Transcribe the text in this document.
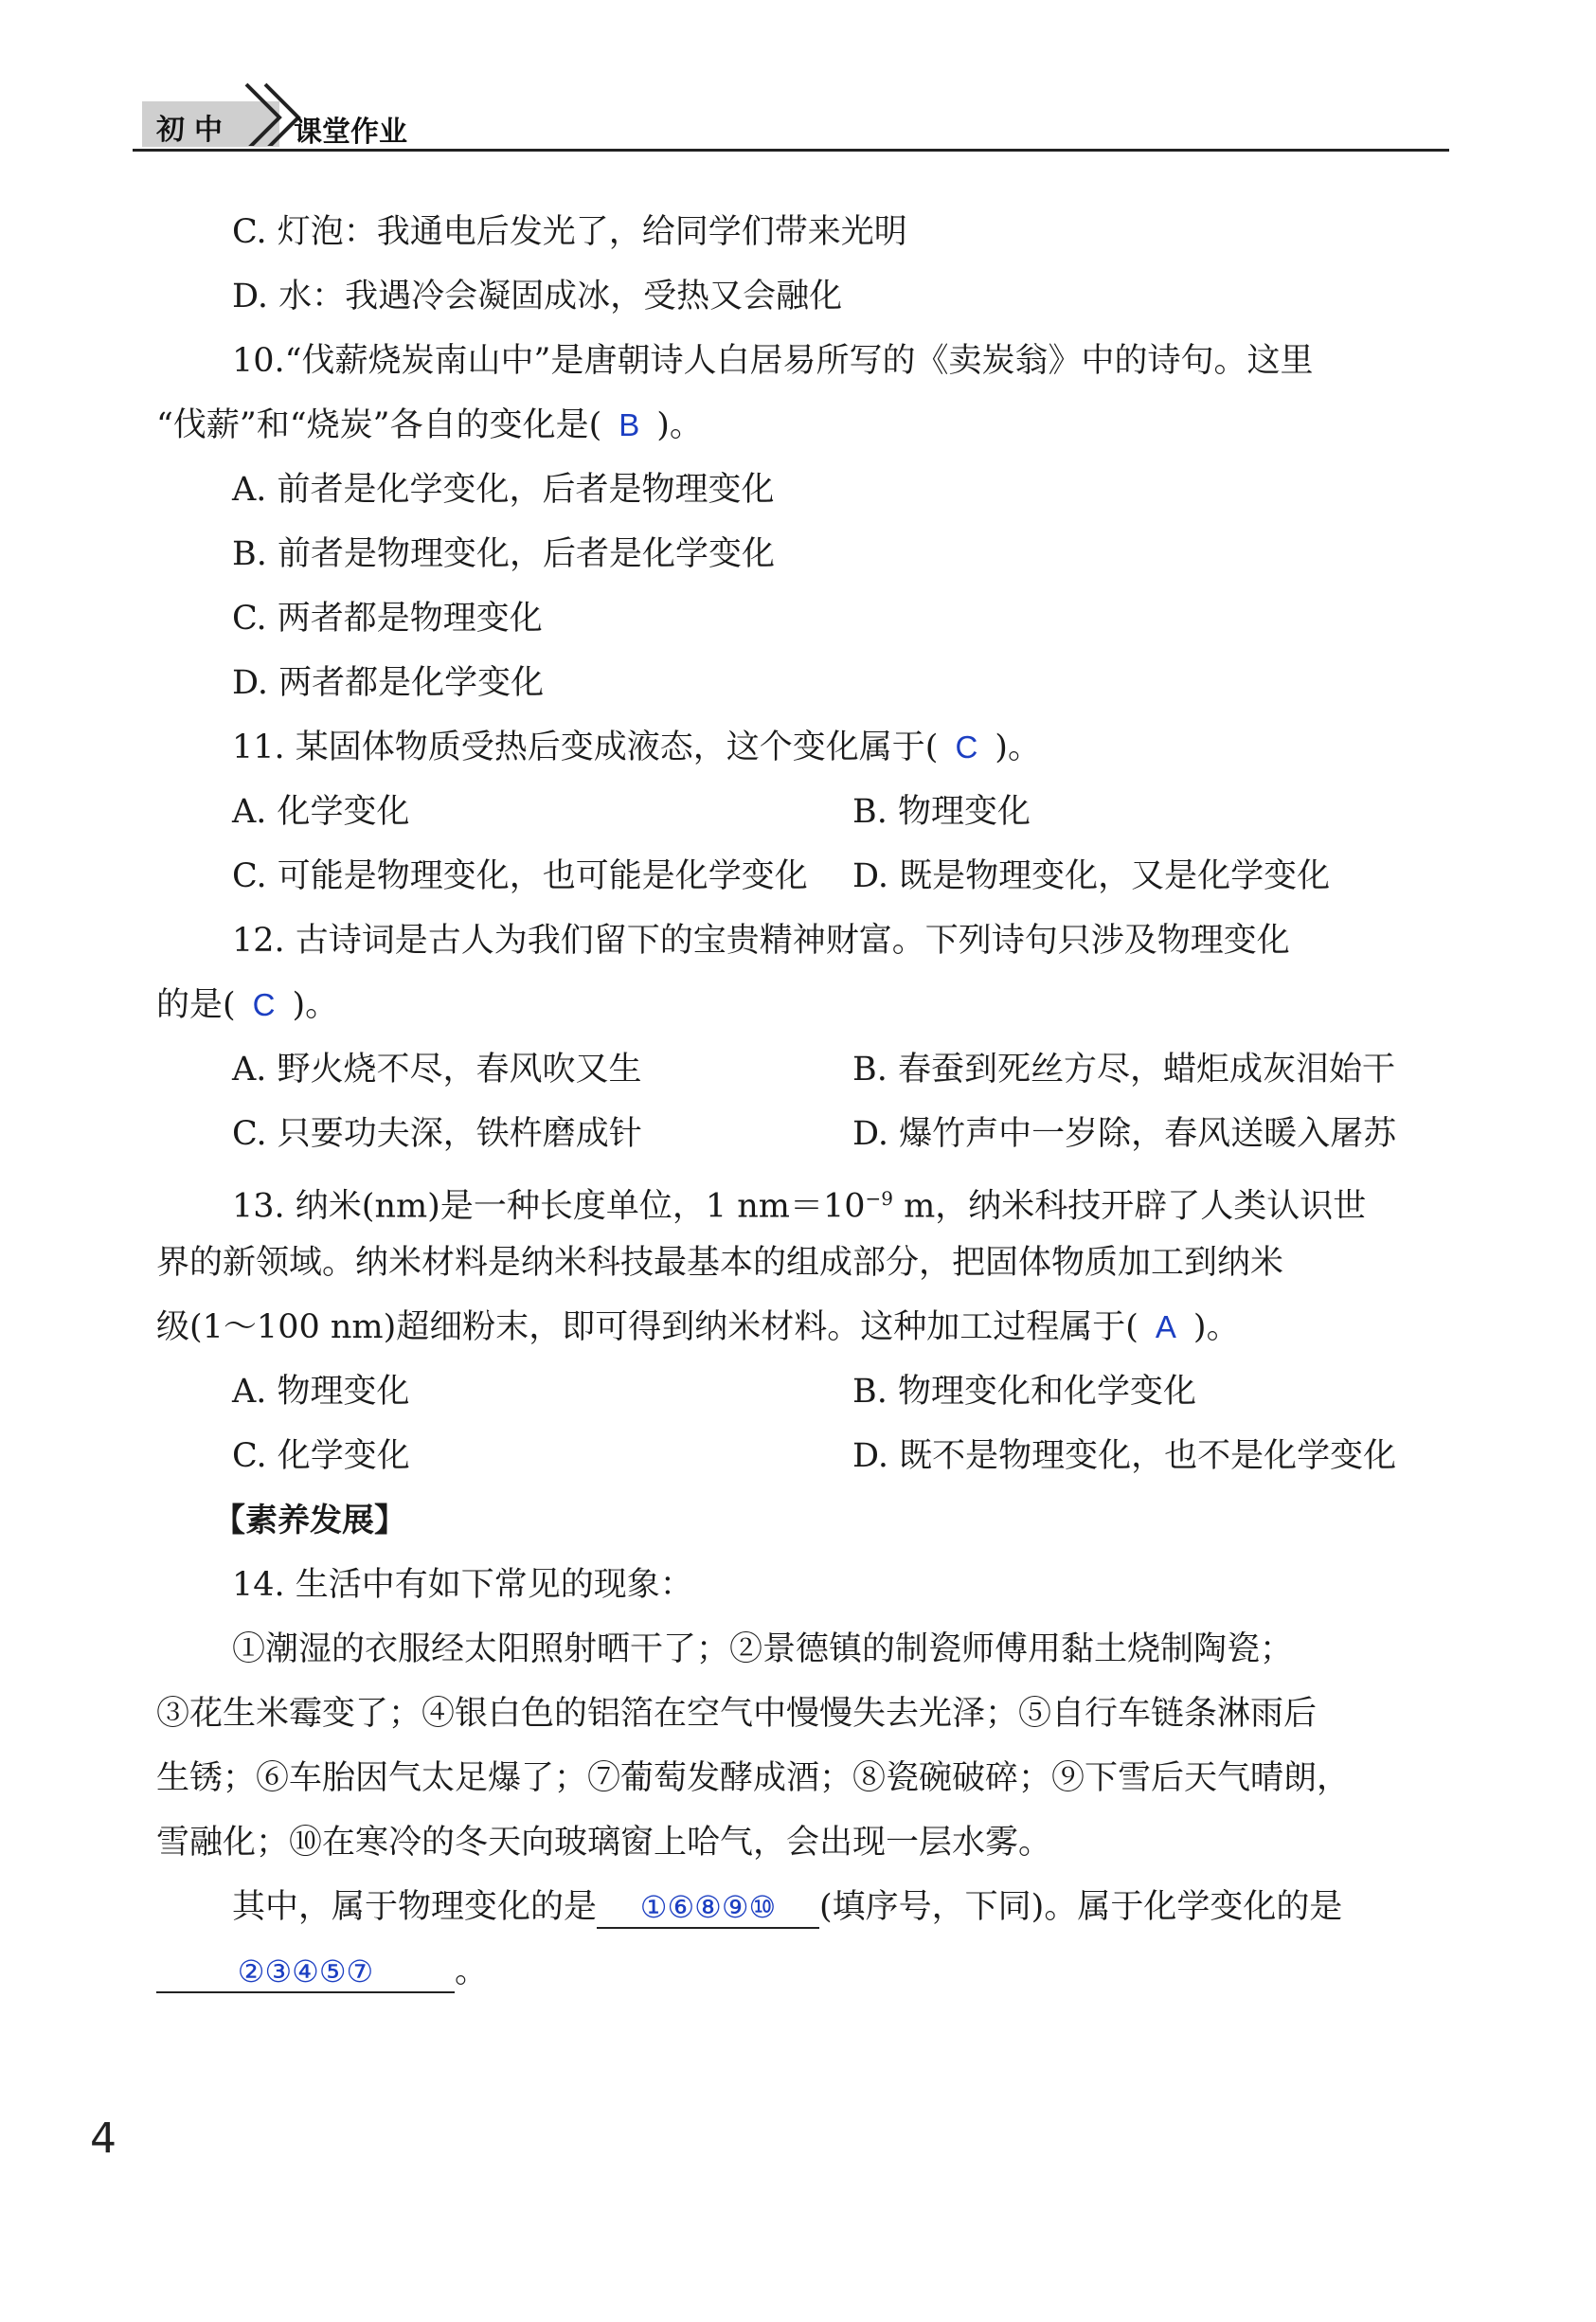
初中 课堂作业
C. 灯泡：我通电后发光了，给同学们带来光明
D. 水：我遇冷会凝固成冰，受热又会融化
10.“伐薪烧炭南山中”是唐朝诗人白居易所写的《卖炭翁》中的诗句。这里
“伐薪”和“烧炭”各自的变化是( B )。
A. 前者是化学变化，后者是物理变化
B. 前者是物理变化，后者是化学变化
C. 两者都是物理变化
D. 两者都是化学变化
11. 某固体物质受热后变成液态，这个变化属于( C )。
A. 化学变化	B. 物理变化
C. 可能是物理变化，也可能是化学变化	D. 既是物理变化，又是化学变化
12. 古诗词是古人为我们留下的宝贵精神财富。下列诗句只涉及物理变化
的是( C )。
A. 野火烧不尽，春风吹又生	B. 春蚕到死丝方尽，蜡炬成灰泪始干
C. 只要功夫深，铁杵磨成针	D. 爆竹声中一岁除，春风送暖入屠苏
13. 纳米(nm)是一种长度单位，1 $nm=10^{-9}$ m，纳米科技开辟了人类认识世
界的新领域。纳米材料是纳米科技最基本的组成部分，把固体物质加工到纳米
级(1～100 nm)超细粉末，即可得到纳米材料。这种加工过程属于( A )。
A. 物理变化	B. 物理变化和化学变化
C. 化学变化	D. 既不是物理变化，也不是化学变化
【素养发展】
14. 生活中有如下常见的现象：
①潮湿的衣服经太阳照射晒干了；②景德镇的制瓷师傅用黏土烧制陶瓷；
③花生米霉变了；④银白色的铝箔在空气中慢慢失去光泽；⑤自行车链条淋雨后
生锈；⑥车胎因气太足爆了；⑦葡萄发酵成酒；⑧瓷碗破碎；⑨下雪后天气晴朗，
雪融化；⑩在寒冷的冬天向玻璃窗上哈气，会出现一层水雾。
其中，属于物理变化的是 ①⑥⑧⑨⑩ (填序号，下同)。属于化学变化的是
②③④⑤⑦ 。
4
